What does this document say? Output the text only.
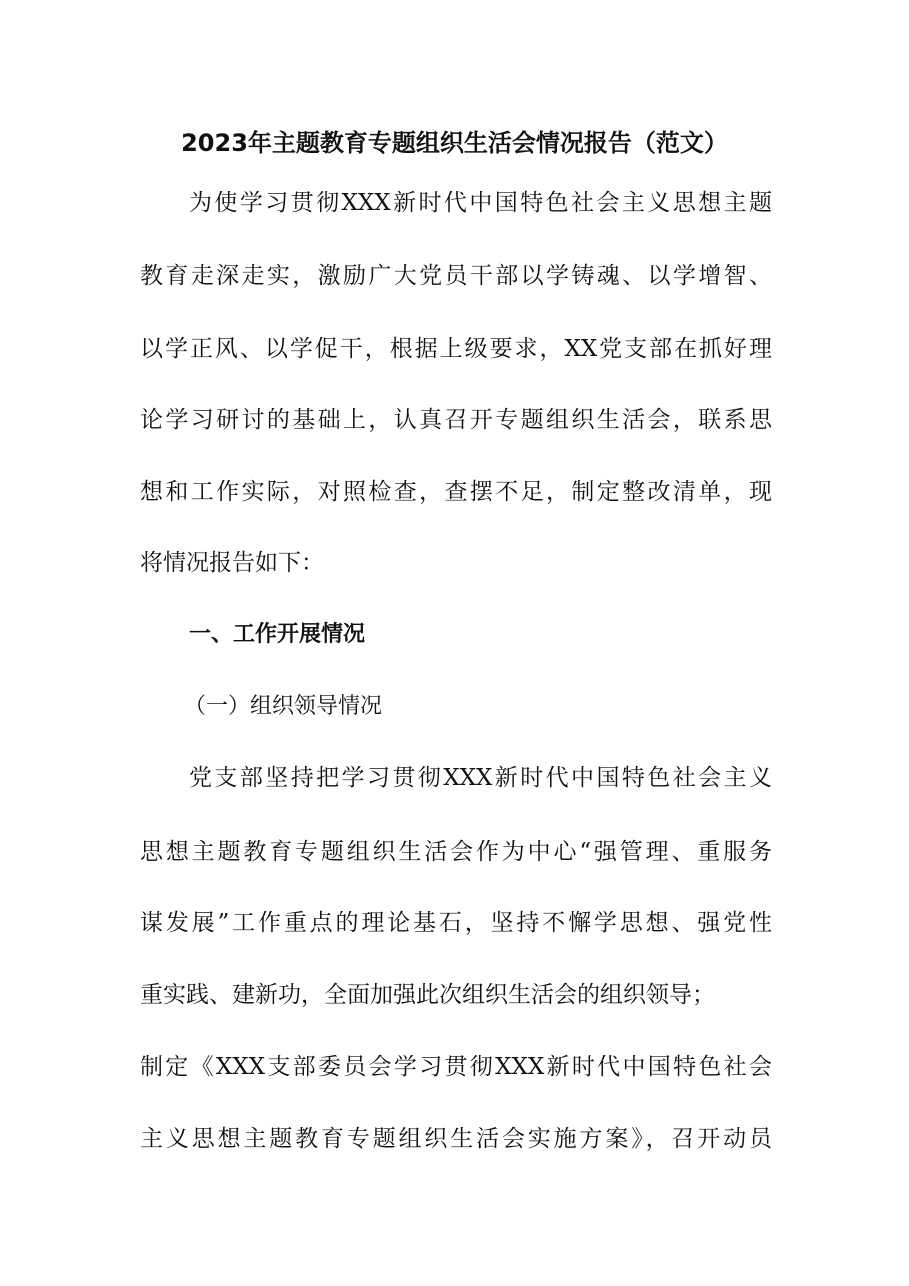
2023年主题教育专题组织生活会情况报告（范文）
为使学习贯彻XXX新时代中国特色社会主义思想主题
教育走深走实，激励广大党员干部以学铸魂、以学增智、
以学正风、以学促干，根据上级要求，XX党支部在抓好理
论学习研讨的基础上，认真召开专题组织生活会，联系思
想和工作实际，对照检查，查摆不足，制定整改清单，现
将情况报告如下：
一、工作开展情况
（一）组织领导情况
党支部坚持把学习贯彻XXX新时代中国特色社会主义
思想主题教育专题组织生活会作为中心“强管理、重服务
谋发展”工作重点的理论基石，坚持不懈学思想、强党性
重实践、建新功，全面加强此次组织生活会的组织领导；
制定《XXX支部委员会学习贯彻XXX新时代中国特色社会
主义思想主题教育专题组织生活会实施方案》，召开动员
